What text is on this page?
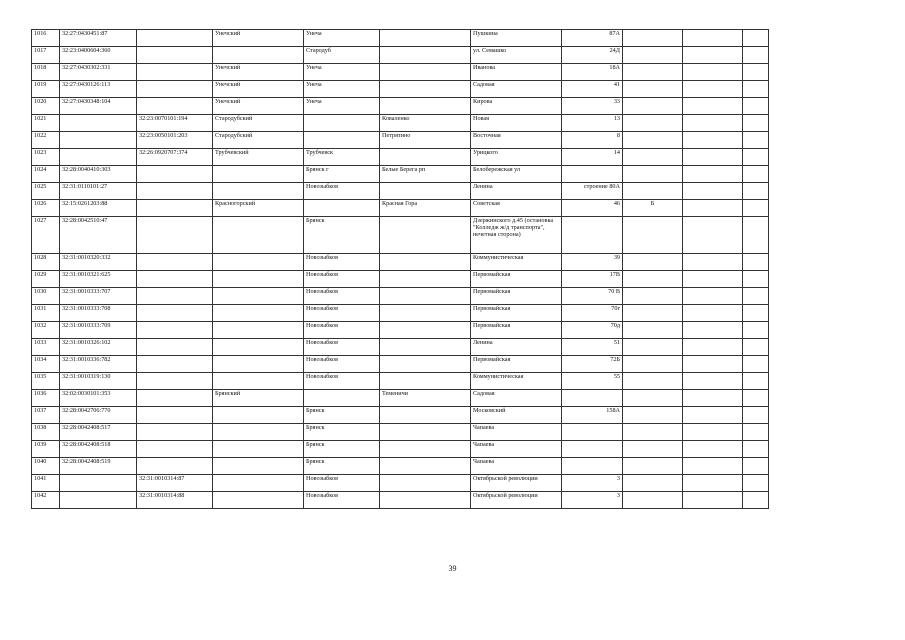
1016	32:27:0430451:87		Унечский	Унеча		Пушкина	87А			
1017	32:23:0400604:360			Стародуб		ул. Семашко	24Д			
1018	32:27:0430302:331		Унечский	Унеча		Иванова	18А			
1019	32:27:0430126:113		Унечский	Унеча		Садовая	41			
1020	32:27:0430348:104		Унечский	Унеча		Кирова	33			
1021		32:23:0070101:194	Стародубский		Коваленко	Новая	13			
1022		32:23:0050101:203	Стародубский		Петрятино	Восточная	8			
1023		32:26:0920707:374	Трубчевский	Трубчевск		Урицкого	14			
1024	32:28:0040410:303			Брянск г	Белые Берега рп	Белобережская ул				
1025	32:31:0110101:27			Новозыбков		Ленина	строение 80А			
1026	32:15:0261203:88		Красногорский		Красная Гора	Советская	46	Б		
1027	32:28:0042510:47			Брянск		Дзержинского д.45 (остановка "Колледж ж/д транспорта", нечетная сторона)				
1028	32:31:0010320:332			Новозыбков		Коммунистическая	39			
1029	32:31:0010321:625			Новозыбков		Первомайская	17В			
1030	32:31:0010333:707			Новозыбков		Первомайская	70 В			
1031	32:31:0010333:708			Новозыбков		Первомайская	70г			
1032	32:31:0010333:709			Новозыбков		Первомайская	70д			
1033	32:31:0010326:102			Новозыбков		Ленина	51			
1034	32:31:0010336:782			Новозыбков		Первомайская	72Б			
1035	32:31:0010319:130			Новозыбков		Коммунистическая	55			
1036	32:02:0030101:353		Брянский		Теменичи	Садовая				
1037	32:28:0042706:770			Брянск		Московский	158А			
1038	32:28:0042408:517			Брянск		Чапаева				
1039	32:28:0042408:518			Брянск		Чапаева				
1040	32:28:0042408:519			Брянск		Чапаева				
1041		32:31:0010314:87		Новозыбков		Октябрьской революции	3			
1042		32:31:0010314:88		Новозыбков		Октябрьской революции	3			
39
